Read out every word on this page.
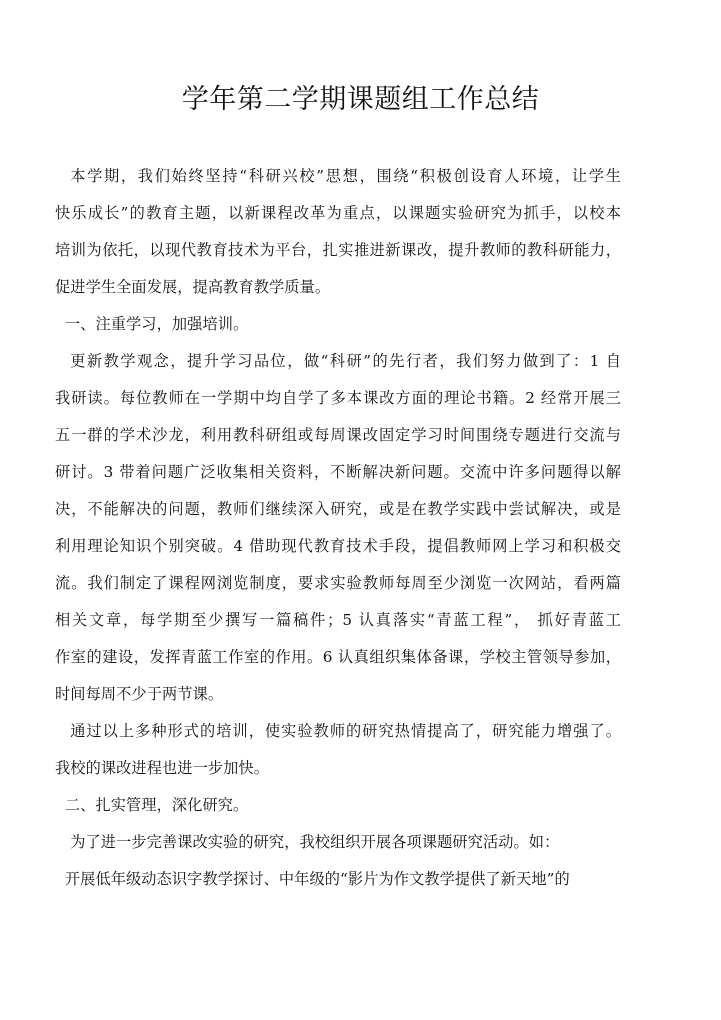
学年第二学期课题组工作总结

本学期，我们始终坚持“科研兴校”思想，围绕“积极创设育人环境，让学生
快乐成长”的教育主题，以新课程改革为重点，以课题实验研究为抓手，以校本
培训为依托，以现代教育技术为平台，扎实推进新课改，提升教师的教科研能力，
促进学生全面发展，提高教育教学质量。

一、注重学习，加强培训。

更新教学观念，提升学习品位，做“科研”的先行者，我们努力做到了：1 自
我研读。每位教师在一学期中均自学了多本课改方面的理论书籍。2 经常开展三
五一群的学术沙龙，利用教科研组或每周课改固定学习时间围绕专题进行交流与
研讨。3 带着问题广泛收集相关资料，不断解决新问题。交流中许多问题得以解
决，不能解决的问题，教师们继续深入研究，或是在教学实践中尝试解决，或是
利用理论知识个别突破。4 借助现代教育技术手段，提倡教师网上学习和积极交
流。我们制定了课程网浏览制度，要求实验教师每周至少浏览一次网站，看两篇
相关文章，每学期至少撰写一篇稿件；5 认真落实“青蓝工程”， 抓好青蓝工
作室的建设，发挥青蓝工作室的作用。6 认真组织集体备课，学校主管领导参加，
时间每周不少于两节课。

通过以上多种形式的培训，使实验教师的研究热情提高了，研究能力增强了。
我校的课改进程也进一步加快。

二、扎实管理，深化研究。

为了进一步完善课改实验的研究，我校组织开展各项课题研究活动。如：
开展低年级动态识字教学探讨、中年级的“影片为作文教学提供了新天地”的
